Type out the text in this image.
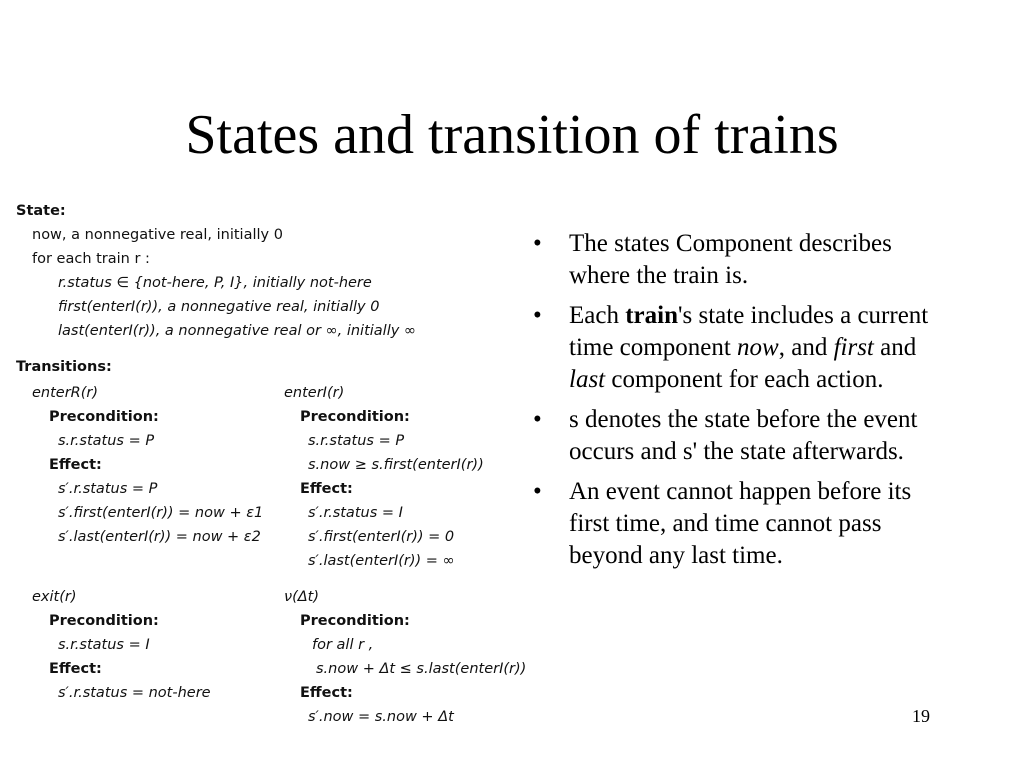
States and transition of trains
State:
now, a nonnegative real, initially 0
for each train r :
r.status ∈ {not-here, P, I}, initially not-here
first(enterI(r)), a nonnegative real, initially 0
last(enterI(r)), a nonnegative real or ∞, initially ∞
Transitions:
enterR(r)
Precondition:
s.r.status = P
Effect:
s′.r.status = P
s′.first(enterI(r)) = now + ε1
s′.last(enterI(r)) = now + ε2
enterI(r)
Precondition:
s.r.status = P
s.now ≥ s.first(enterI(r))
Effect:
s′.r.status = I
s′.first(enterI(r)) = 0
s′.last(enterI(r)) = ∞
exit(r)
Precondition:
s.r.status = I
Effect:
s′.r.status = not-here
ν(Δt)
Precondition:
for all r ,
s.now + Δt ≤ s.last(enterI(r))
Effect:
s′.now = s.now + Δt
• The states Component describes where the train is.
• Each train's state includes a current time component now, and first and last component for each action.
• s denotes the state before the event occurs and s' the state afterwards.
• An event cannot happen before its first time, and time cannot pass beyond any last time.
19
